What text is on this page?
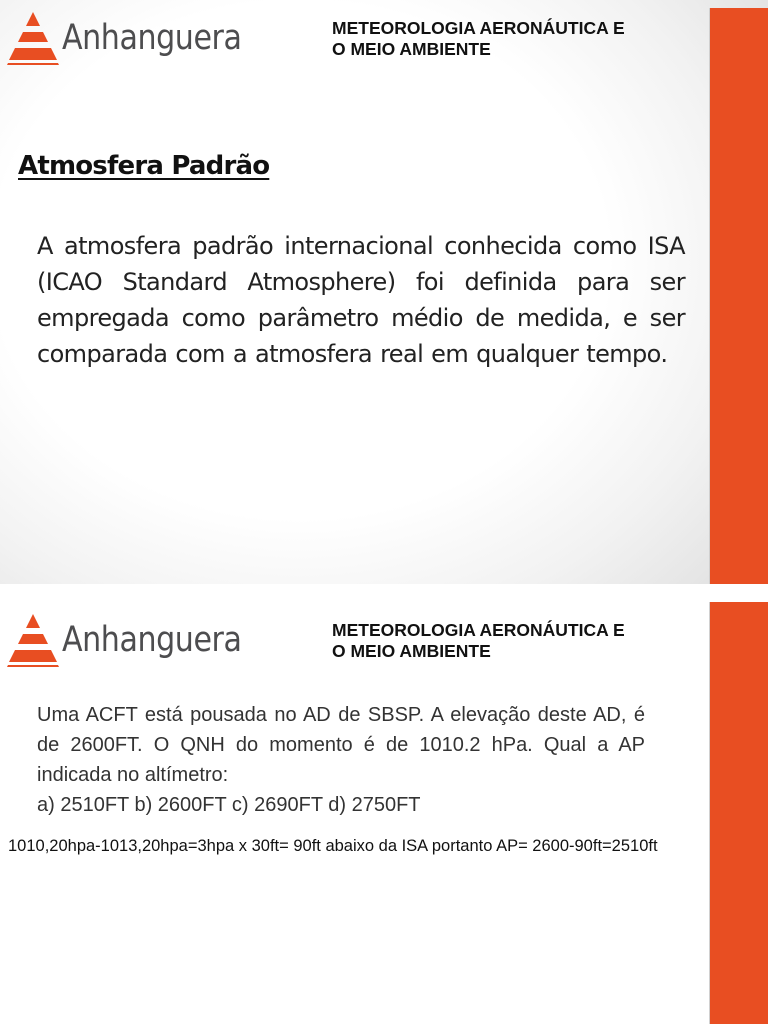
Anhanguera	METEOROLOGIA AERONÁUTICA E
O MEIO AMBIENTE
Atmosfera Padrão
A atmosfera padrão internacional conhecida como ISA (ICAO Standard Atmosphere) foi definida para ser empregada como parâmetro médio de medida, e ser comparada com a atmosfera real em qualquer tempo.
Anhanguera	METEOROLOGIA AERONÁUTICA E
O MEIO AMBIENTE
Uma ACFT está pousada no AD de SBSP. A elevação deste AD, é de 2600FT. O QNH do momento é de 1010.2 hPa. Qual a AP indicada no altímetro:
a) 2510FT b) 2600FT c) 2690FT d) 2750FT
1010,20hpa-1013,20hpa=3hpa x 30ft= 90ft abaixo da ISA portanto AP= 2600-90ft=2510ft
